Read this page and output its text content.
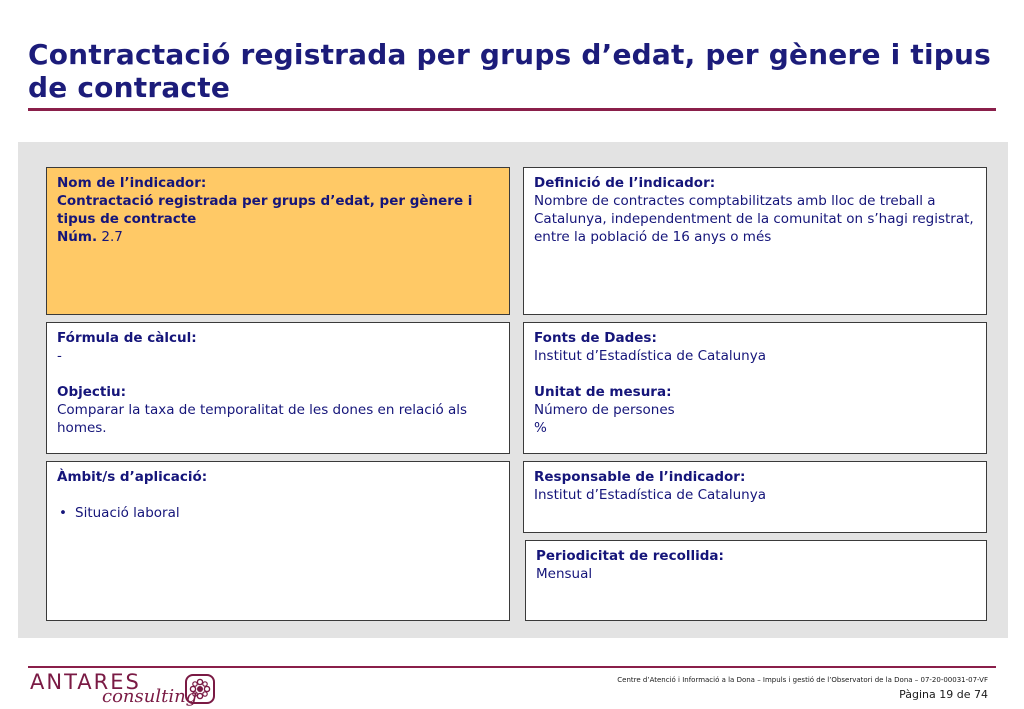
Contractació registrada per grups d’edat, per gènere i tipus de contracte
Nom de l’indicador:
Contractació registrada per grups d’edat, per gènere i tipus de contracte
Núm. 2.7
Definició de l’indicador:
Nombre de contractes comptabilitzats amb lloc de treball a Catalunya, independentment de la comunitat on s’hagi registrat, entre la població de 16 anys o més
Fórmula de càlcul:
-
Objectiu:
Comparar la taxa de temporalitat de les dones en relació als homes.
Fonts de Dades:
Institut d’Estadística de Catalunya
Unitat de mesura:
Número de persones
%
Àmbit/s d’aplicació:
• Situació laboral
Responsable de l’indicador:
Institut d’Estadística de Catalunya
Periodicitat de recollida:
Mensual
ANTARES
consulting
Centre d’Atenció i Informació a la Dona – Impuls i gestió de l’Observatori de la Dona – 07-20-00031-07-VF
Pàgina 19 de 74
